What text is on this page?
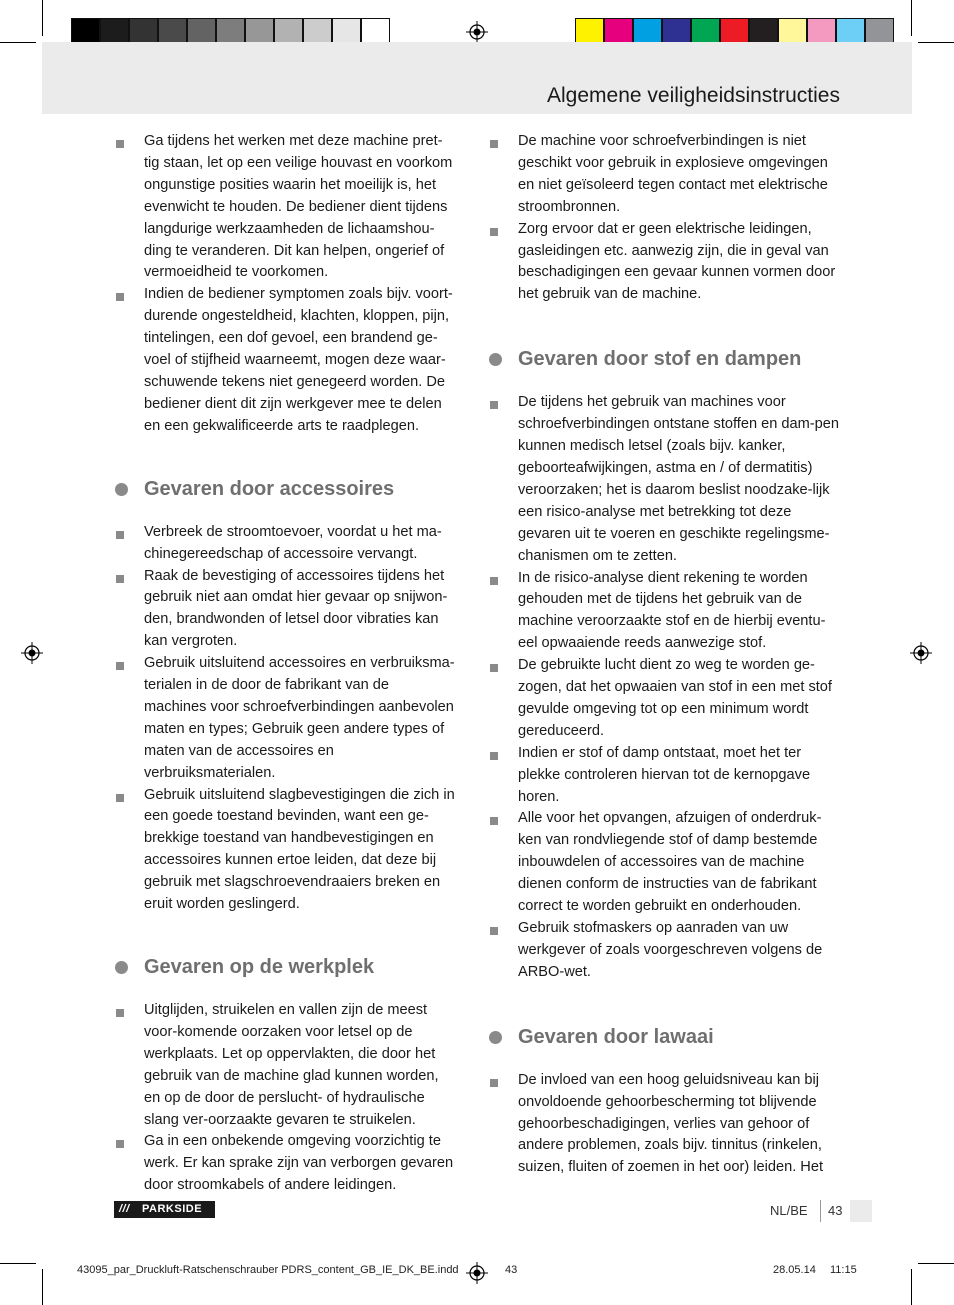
Algemene veiligheidsinstructies
Ga tijdens het werken met deze machine pret-tig staan, let op een veilige houvast en voorkom ongunstige posities waarin het moeilijk is, het evenwicht te houden. De bediener dient tijdens langdurige werkzaamheden de lichaamshou-ding te veranderen. Dit kan helpen, ongerief of vermoeidheid te voorkomen.
Indien de bediener symptomen zoals bijv. voort-durende ongesteldheid, klachten, kloppen, pijn, tintelingen, een dof gevoel, een brandend ge-voel of stijfheid waarneemt, mogen deze waar-schuwende tekens niet genegeerd worden. De bediener dient dit zijn werkgever mee te delen en een gekwalificeerde arts te raadplegen.
Gevaren door accessoires
Verbreek de stroomtoevoer, voordat u het ma-chinegereedschap of accessoire vervangt.
Raak de bevestiging of accessoires tijdens het gebruik niet aan omdat hier gevaar op snijwon-den, brandwonden of letsel door vibraties kan kan vergroten.
Gebruik uitsluitend accessoires en verbruiksma-terialen in de door de fabrikant van de machines voor schroefverbindingen aanbevolen maten en types; Gebruik geen andere types of maten van de accessoires en verbruiksmaterialen.
Gebruik uitsluitend slagbevestigingen die zich in een goede toestand bevinden, want een ge-brekkige toestand van handbevestigingen en accessoires kunnen ertoe leiden, dat deze bij gebruik met slagschroevendraaiers breken en eruit worden geslingerd.
Gevaren op de werkplek
Uitglijden, struikelen en vallen zijn de meest voor-komende oorzaken voor letsel op de werkplaats. Let op oppervlakten, die door het gebruik van de machine glad kunnen worden, en op de door de perslucht- of hydraulische slang ver-oorzaakte gevaren te struikelen.
Ga in een onbekende omgeving voorzichtig te werk. Er kan sprake zijn van verborgen gevaren door stroomkabels of andere leidingen.
De machine voor schroefverbindingen is niet geschikt voor gebruik in explosieve omgevingen en niet geïsoleerd tegen contact met elektrische stroombronnen.
Zorg ervoor dat er geen elektrische leidingen, gasleidingen etc. aanwezig zijn, die in geval van beschadigingen een gevaar kunnen vormen door het gebruik van de machine.
Gevaren door stof en dampen
De tijdens het gebruik van machines voor schroefverbindingen ontstane stoffen en dam-pen kunnen medisch letsel (zoals bijv. kanker, geboorteafwijkingen, astma en / of dermatitis) veroorzaken; het is daarom beslist noodzake-lijk een risico-analyse met betrekking tot deze gevaren uit te voeren en geschikte regelingsme-chanismen om te zetten.
In de risico-analyse dient rekening te worden gehouden met de tijdens het gebruik van de machine veroorzaakte stof en de hierbij eventu-eel opwaaiende reeds aanwezige stof.
De gebruikte lucht dient zo weg te worden ge-zogen, dat het opwaaien van stof in een met stof gevulde omgeving tot op een minimum wordt gereduceerd.
Indien er stof of damp ontstaat, moet het ter plekke controleren hiervan tot de kernopgave horen.
Alle voor het opvangen, afzuigen of onderdruk-ken van rondvliegende stof of damp bestemde inbouwdelen of accessoires van de machine dienen conform de instructies van de fabrikant correct te worden gebruikt en onderhouden.
Gebruik stofmaskers op aanraden van uw werkgever of zoals voorgeschreven volgens de ARBO-wet.
Gevaren door lawaai
De invloed van een hoog geluidsniveau kan bij onvoldoende gehoorbescherming tot blijvende gehoorbeschadigingen, verlies van gehoor of andere problemen, zoals bijv. tinnitus (rinkelen, suizen, fluiten of zoemen in het oor) leiden. Het
/// PARKSIDE	NL/BE 43
43095_par_Druckluft-Ratschenschrauber PDRS_content_GB_IE_DK_BE.indd	43	28.05.14 11:15
